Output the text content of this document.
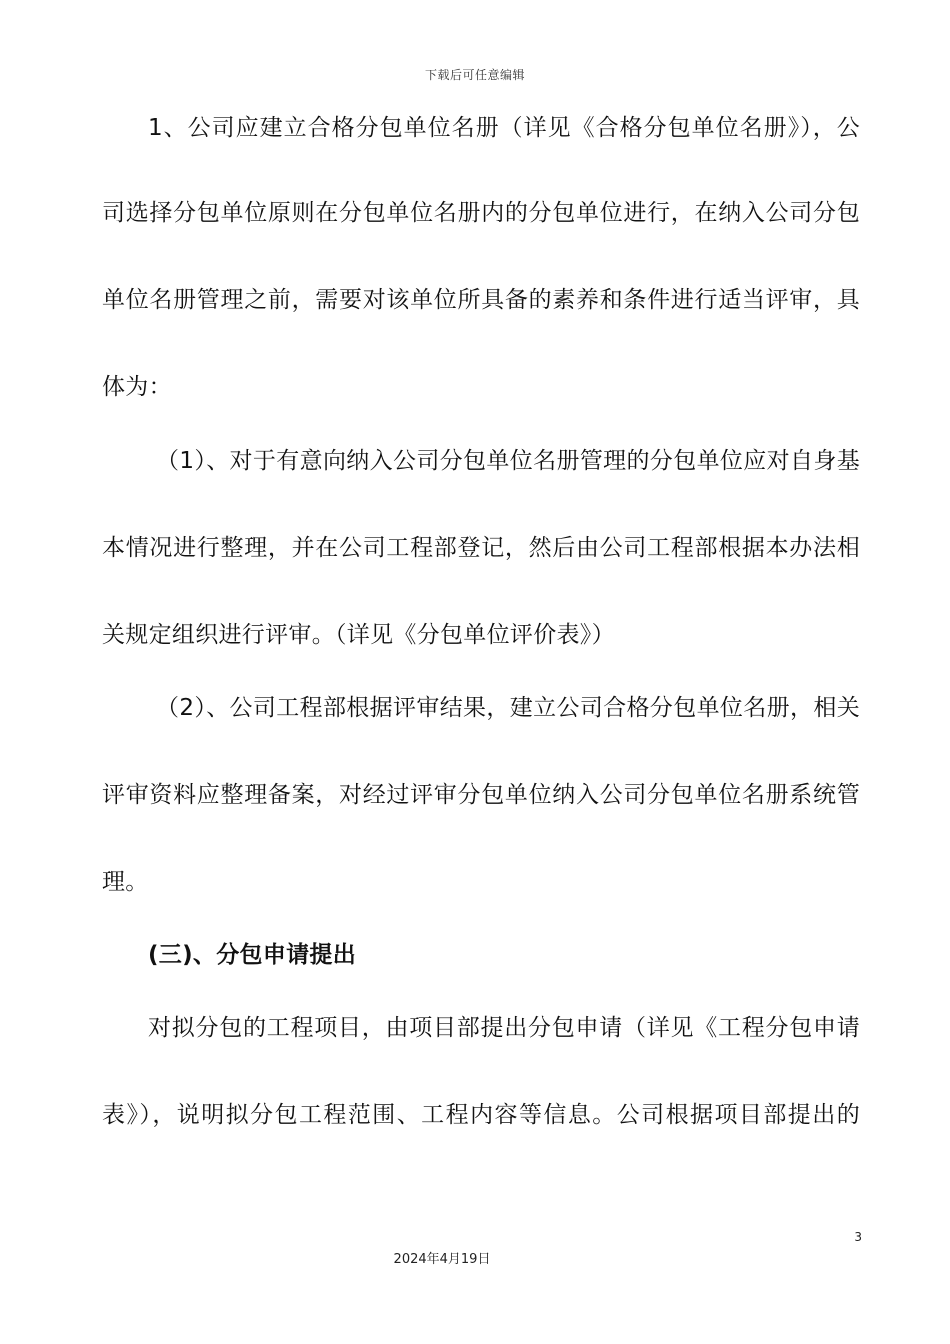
下载后可任意编辑
1、公司应建立合格分包单位名册（详见《合格分包单位名册》），公
司选择分包单位原则在分包单位名册内的分包单位进行，在纳入公司分包
单位名册管理之前，需要对该单位所具备的素养和条件进行适当评审，具
体为：
（1）、对于有意向纳入公司分包单位名册管理的分包单位应对自身基
本情况进行整理，并在公司工程部登记，然后由公司工程部根据本办法相
关规定组织进行评审。（详见《分包单位评价表》）
（2）、公司工程部根据评审结果，建立公司合格分包单位名册，相关
评审资料应整理备案，对经过评审分包单位纳入公司分包单位名册系统管
理。
(三)、分包申请提出
对拟分包的工程项目，由项目部提出分包申请（详见《工程分包申请
表》），说明拟分包工程范围、工程内容等信息。公司根据项目部提出的
3
2024年4月19日
